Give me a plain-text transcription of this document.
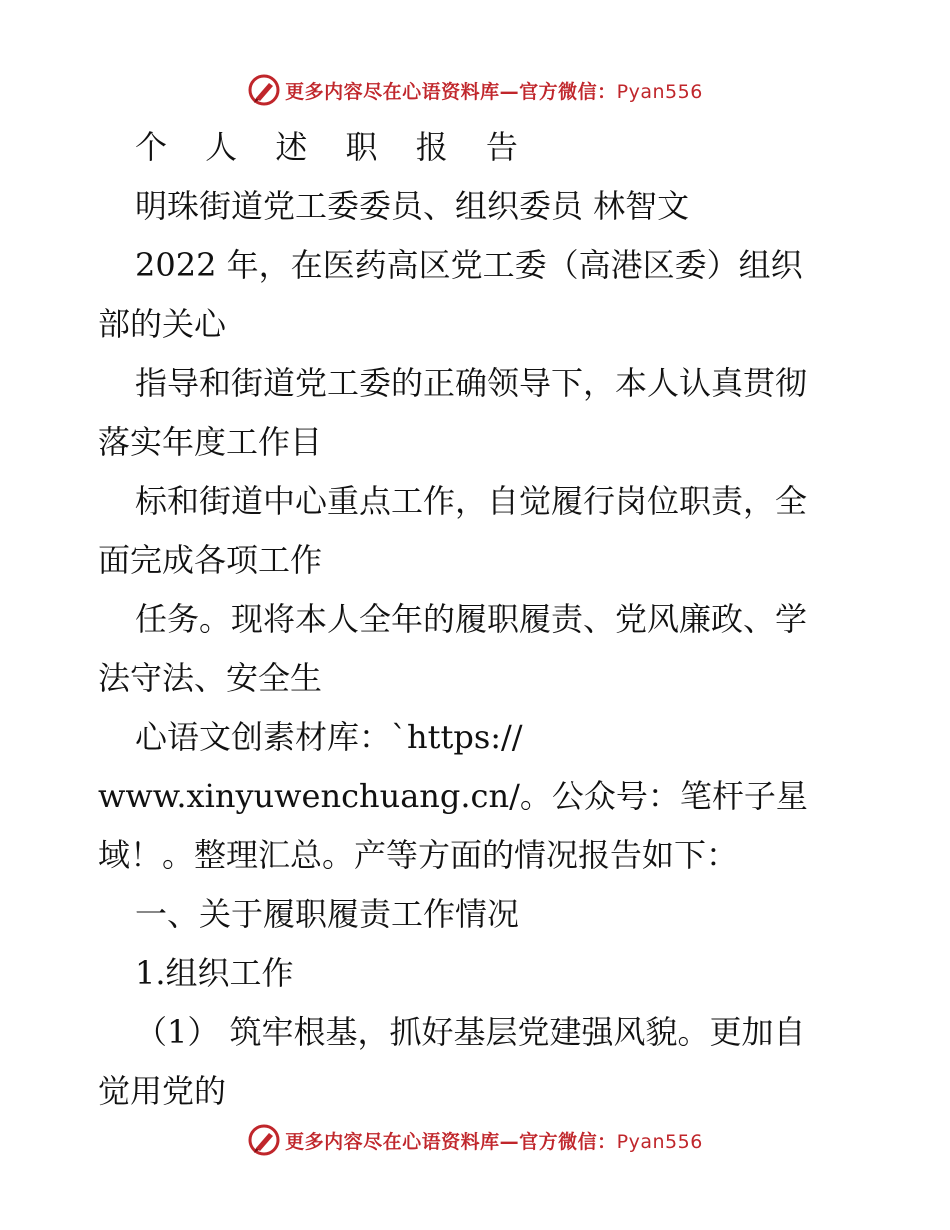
更多内容尽在心语资料库—官方微信：Pyan556
个 人 述 职 报 告
明珠街道党工委委员、组织委员 林智文
2022 年，在医药高区党工委（高港区委）组织
部的关心
指导和街道党工委的正确领导下，本人认真贯彻
落实年度工作目
标和街道中心重点工作，自觉履行岗位职责，全
面完成各项工作
任务。现将本人全年的履职履责、党风廉政、学
法守法、安全生
心语文创素材库：`https://
www.xinyuwenchuang.cn/。公众号：笔杆子星
域！。整理汇总。产等方面的情况报告如下：
一、关于履职履责工作情况
1.组织工作
（1） 筑牢根基，抓好基层党建强风貌。更加自
觉用党的
更多内容尽在心语资料库—官方微信：Pyan556
